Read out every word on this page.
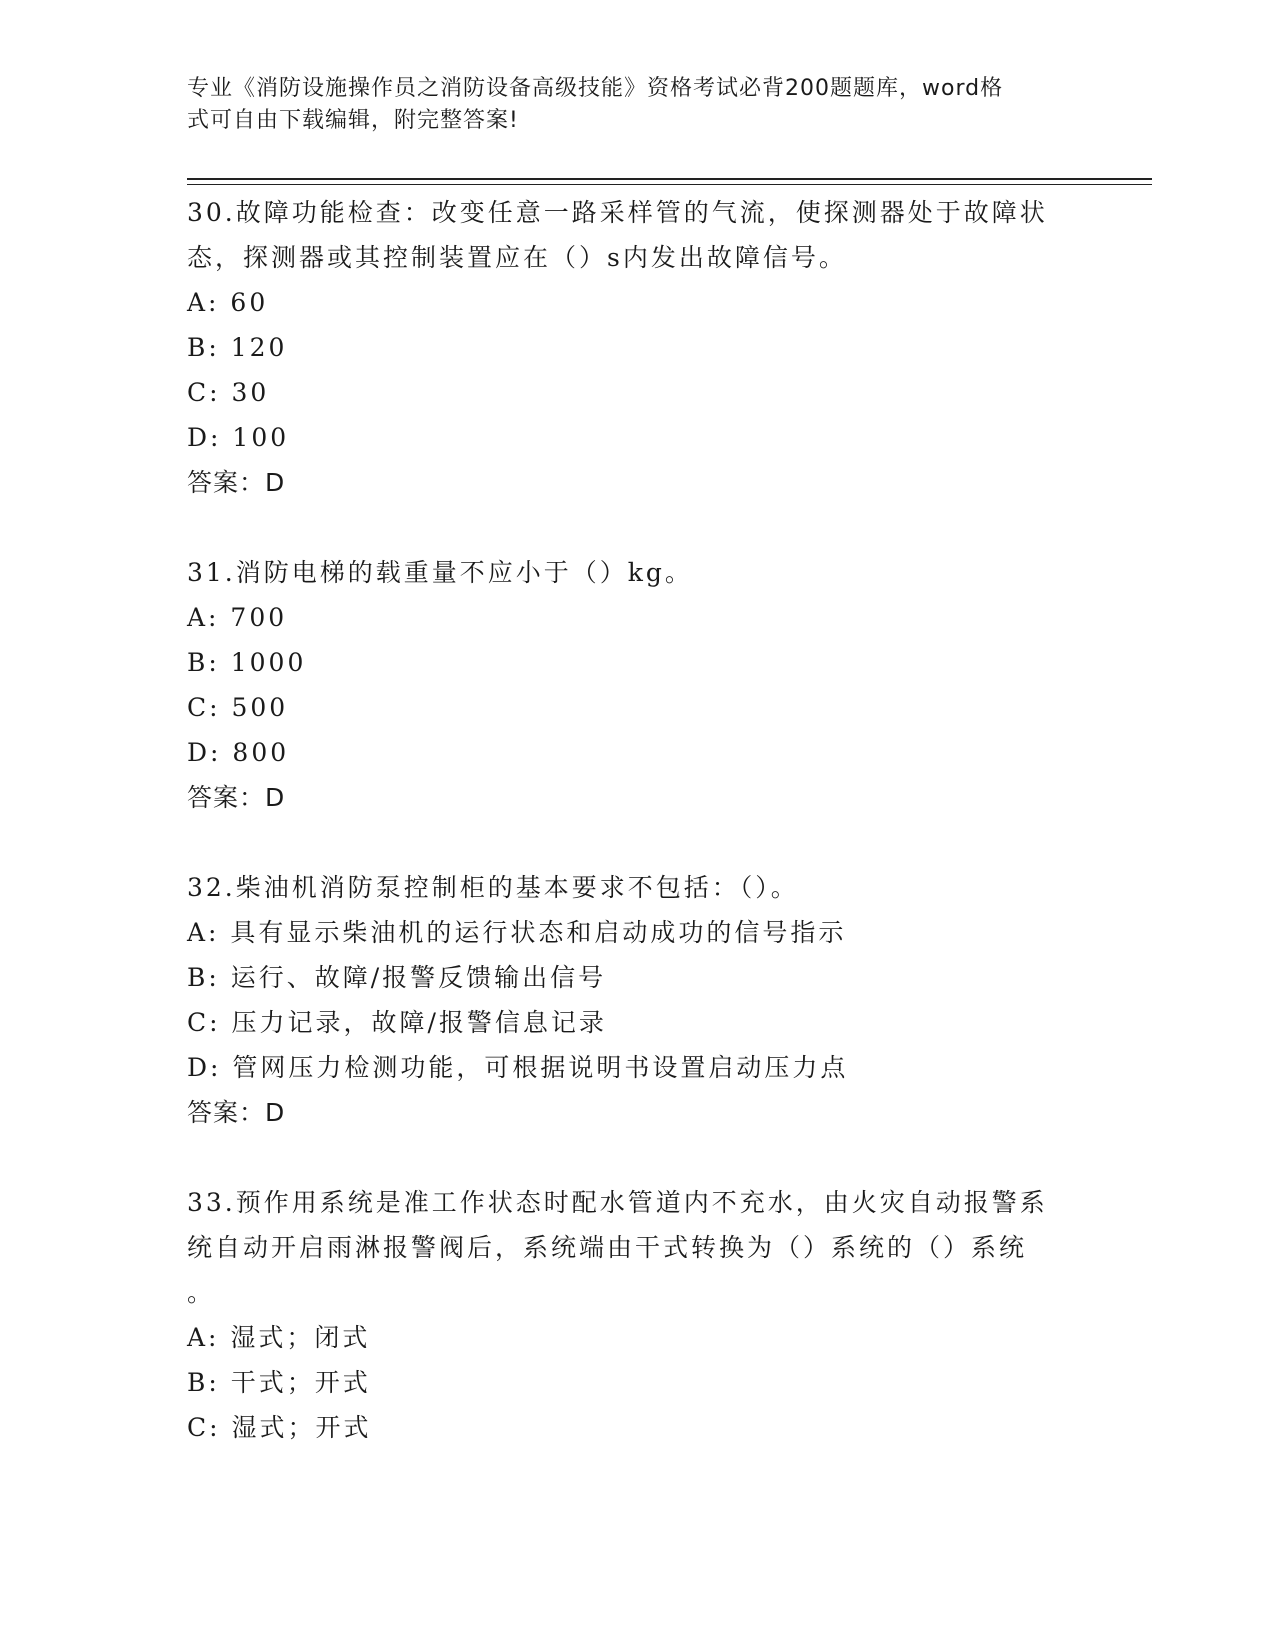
专业《消防设施操作员之消防设备高级技能》资格考试必背200题题库，word格
式可自由下载编辑，附完整答案!

30.故障功能检查：改变任意一路采样管的气流，使探测器处于故障状

态，探测器或其控制装置应在（）s内发出故障信号。

A: 60

B: 120

C: 30

D: 100

答案：D

31.消防电梯的载重量不应小于（）kg。

A: 700

B: 1000

C: 500

D: 800

答案：D

32.柴油机消防泵控制柜的基本要求不包括：（）。

A: 具有显示柴油机的运行状态和启动成功的信号指示

B: 运行、故障/报警反馈输出信号

C: 压力记录，故障/报警信息记录

D: 管网压力检测功能，可根据说明书设置启动压力点

答案：D

33.预作用系统是准工作状态时配水管道内不充水，由火灾自动报警系

统自动开启雨淋报警阀后，系统端由干式转换为（）系统的（）系统

。

A: 湿式；闭式

B: 干式；开式

C: 湿式；开式
